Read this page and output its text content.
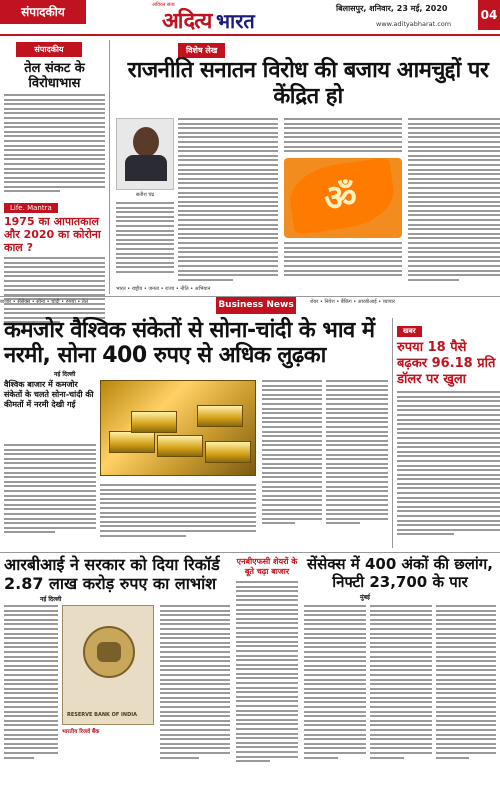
संपादकीय	अविरल सत्य
अदित्य भारत
बिलासपुर, शनिवार, 23 मई, 2020
www.adityabharat.com
04
संपादकीय
तेल संकट के विरोधाभास
Life. Mantra
1975 का आपातकाल और 2020 का कोरोना काल ?
विशेष लेख
राजनीति सनातन विरोध की बजाय आमचुद्दों पर केंद्रित हो
सतीश चंद्र	ॐ
भारत • राष्ट्रीय • जनता • राज्य • नीति • अभियान
बाजार • सेंसेक्स • सोना • चांदी • रुपया • तेल	Business News	शेयर • निवेश • बैंकिंग • आरबीआई • व्यापार
कमजोर वैश्विक संकेतों से सोना-चांदी के भाव में नरमी, सोना 400 रुपए से अधिक लुढ़का
नई दिल्ली
वैश्विक बाजार में कमजोर संकेतों के चलते सोना-चांदी की कीमतों में नरमी देखी गई
खबर
रुपया 18 पैसे बढ़कर 96.18 प्रति डॉलर पर खुला
आरबीआई ने सरकार को दिया रिकॉर्ड 2.87 लाख करोड़ रुपए का लाभांश
नई दिल्ली
RESERVE BANK OF INDIA
भारतीय रिजर्व बैंक
एनबीएफसी शेयरों के बूते चढ़ा बाजार	सेंसेक्स में 400 अंकों की छलांग, निफ्टी 23,700 के पार
मुंबई
